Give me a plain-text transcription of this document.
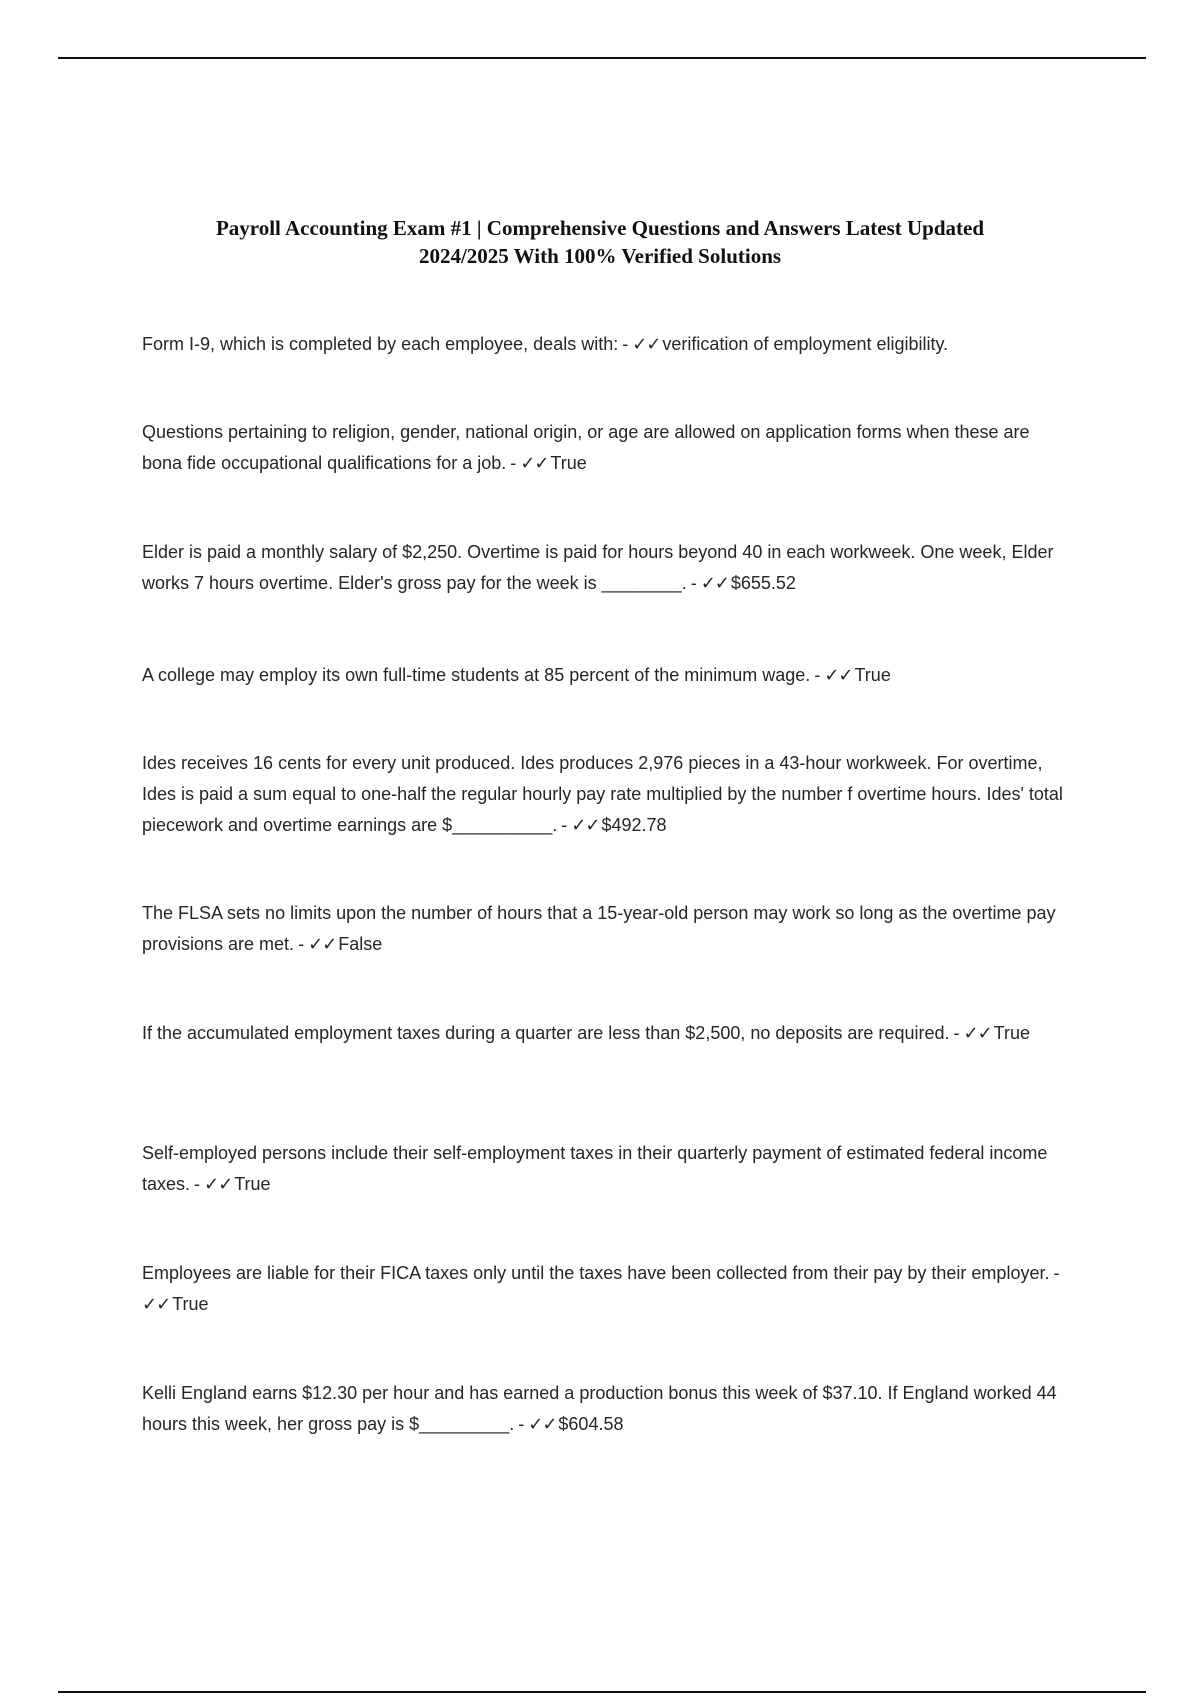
Payroll Accounting Exam #1 | Comprehensive Questions and Answers Latest Updated
2024/2025 With 100% Verified Solutions
Form I-9, which is completed by each employee, deals with: - ✓✓ verification of employment eligibility.
Questions pertaining to religion, gender, national origin, or age are allowed on application forms when these are bona fide occupational qualifications for a job. - ✓✓ True
Elder is paid a monthly salary of $2,250. Overtime is paid for hours beyond 40 in each workweek. One week, Elder works 7 hours overtime. Elder's gross pay for the week is ________. - ✓✓ $655.52
A college may employ its own full-time students at 85 percent of the minimum wage. - ✓✓ True
Ides receives 16 cents for every unit produced. Ides produces 2,976 pieces in a 43-hour workweek. For overtime, Ides is paid a sum equal to one-half the regular hourly pay rate multiplied by the number f overtime hours. Ides' total piecework and overtime earnings are $__________. - ✓✓ $492.78
The FLSA sets no limits upon the number of hours that a 15-year-old person may work so long as the overtime pay provisions are met. - ✓✓ False
If the accumulated employment taxes during a quarter are less than $2,500, no deposits are required. - ✓✓ True
Self-employed persons include their self-employment taxes in their quarterly payment of estimated federal income taxes. - ✓✓ True
Employees are liable for their FICA taxes only until the taxes have been collected from their pay by their employer. -✓✓ True
Kelli England earns $12.30 per hour and has earned a production bonus this week of $37.10. If England worked 44 hours this week, her gross pay is $_________. - ✓✓ $604.58
